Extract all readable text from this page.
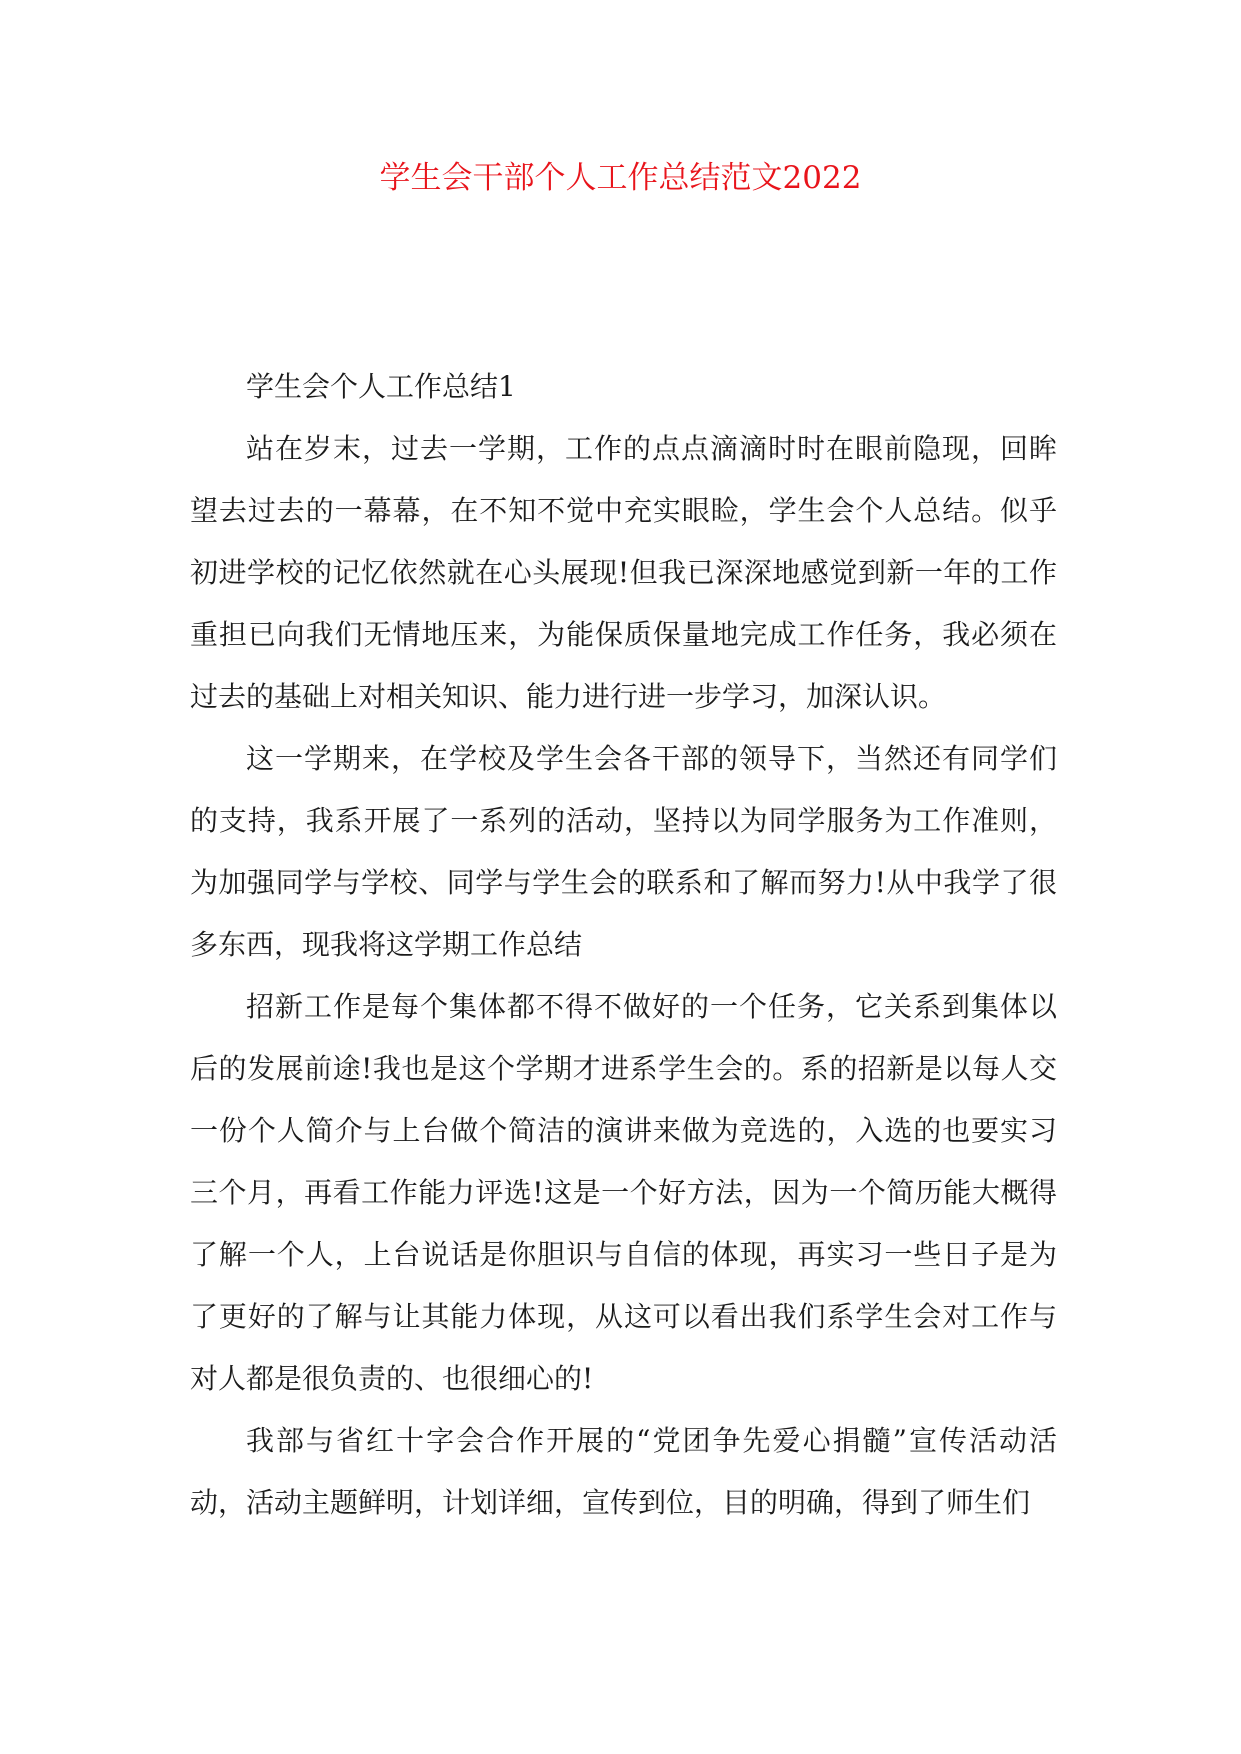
学生会干部个人工作总结范文2022

学生会个人工作总结1

站在岁末，过去一学期，工作的点点滴滴时时在眼前隐现，回眸望去过去的一幕幕，在不知不觉中充实眼睑，学生会个人总结。似乎初进学校的记忆依然就在心头展现!但我已深深地感觉到新一年的工作重担已向我们无情地压来，为能保质保量地完成工作任务，我必须在过去的基础上对相关知识、能力进行进一步学习，加深认识。

这一学期来，在学校及学生会各干部的领导下，当然还有同学们的支持，我系开展了一系列的活动，坚持以为同学服务为工作准则，为加强同学与学校、同学与学生会的联系和了解而努力!从中我学了很多东西，现我将这学期工作总结

招新工作是每个集体都不得不做好的一个任务，它关系到集体以后的发展前途!我也是这个学期才进系学生会的。系的招新是以每人交一份个人简介与上台做个简洁的演讲来做为竞选的，入选的也要实习三个月，再看工作能力评选!这是一个好方法，因为一个简历能大概得了解一个人，上台说话是你胆识与自信的体现，再实习一些日子是为了更好的了解与让其能力体现，从这可以看出我们系学生会对工作与对人都是很负责的、也很细心的!

我部与省红十字会合作开展的“党团争先爱心捐髓”宣传活动活动，活动主题鲜明，计划详细，宣传到位，目的明确，得到了师生们
